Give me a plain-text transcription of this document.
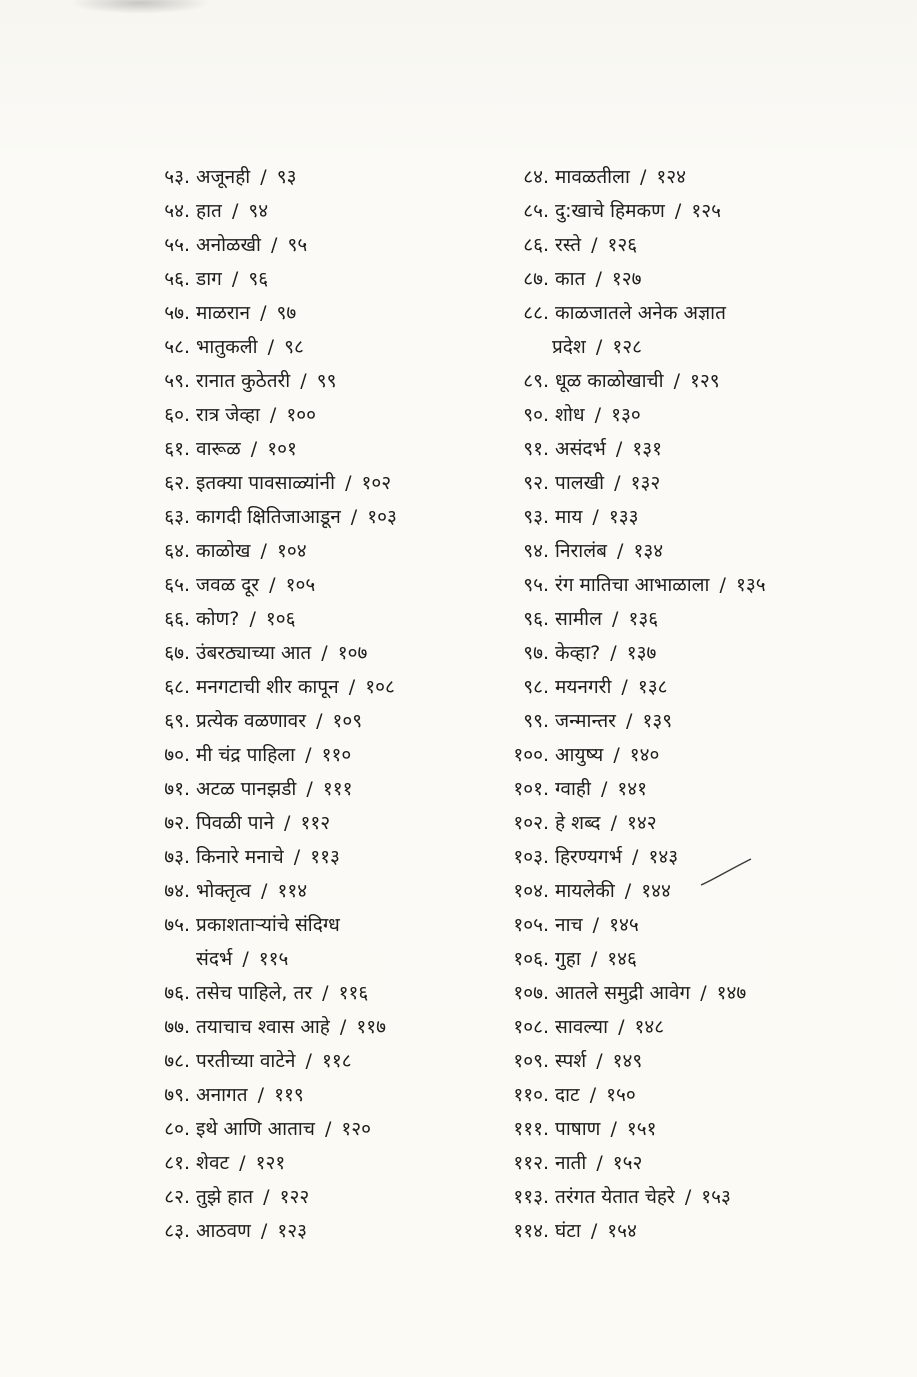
५३. अजूनही / ९३
५४. हात / ९४
५५. अनोळखी / ९५
५६. डाग / ९६
५७. माळरान / ९७
५८. भातुकली / ९८
५९. रानात कुठेतरी / ९९
६०. रात्र जेव्हा / १००
६१. वारूळ / १०१
६२. इतक्या पावसाळ्यांनी / १०२
६३. कागदी क्षितिजाआडून / १०३
६४. काळोख / १०४
६५. जवळ दूर / १०५
६६. कोण? / १०६
६७. उंबरठ्याच्या आत / १०७
६८. मनगटाची शीर कापून / १०८
६९. प्रत्येक वळणावर / १०९
७०. मी चंद्र पाहिला / ११०
७१. अटळ पानझडी / १११
७२. पिवळी पाने / ११२
७३. किनारे मनाचे / ११३
७४. भोक्तृत्व / ११४
७५. प्रकाशताऱ्यांचे संदिग्ध
संदर्भ / ११५
७६. तसेच पाहिले, तर / ११६
७७. तयाचाच श्वास आहे / ११७
७८. परतीच्या वाटेने / ११८
७९. अनागत / ११९
८०. इथे आणि आताच / १२०
८१. शेवट / १२१
८२. तुझे हात / १२२
८३. आठवण / १२३
८४. मावळतीला / १२४
८५. दु:खाचे हिमकण / १२५
८६. रस्ते / १२६
८७. कात / १२७
८८. काळजातले अनेक अज्ञात
प्रदेश / १२८
८९. धूळ काळोखाची / १२९
९०. शोध / १३०
९१. असंदर्भ / १३१
९२. पालखी / १३२
९३. माय / १३३
९४. निरालंब / १३४
९५. रंग मातिचा आभाळाला / १३५
९६. सामील / १३६
९७. केव्हा? / १३७
९८. मयनगरी / १३८
९९. जन्मान्तर / १३९
१००. आयुष्य / १४०
१०१. ग्वाही / १४१
१०२. हे शब्द / १४२
१०३. हिरण्यगर्भ / १४३
१०४. मायलेकी / १४४
१०५. नाच / १४५
१०६. गुहा / १४६
१०७. आतले समुद्री आवेग / १४७
१०८. सावल्या / १४८
१०९. स्पर्श / १४९
११०. दाट / १५०
१११. पाषाण / १५१
११२. नाती / १५२
११३. तरंगत येतात चेहरे / १५३
११४. घंटा / १५४
